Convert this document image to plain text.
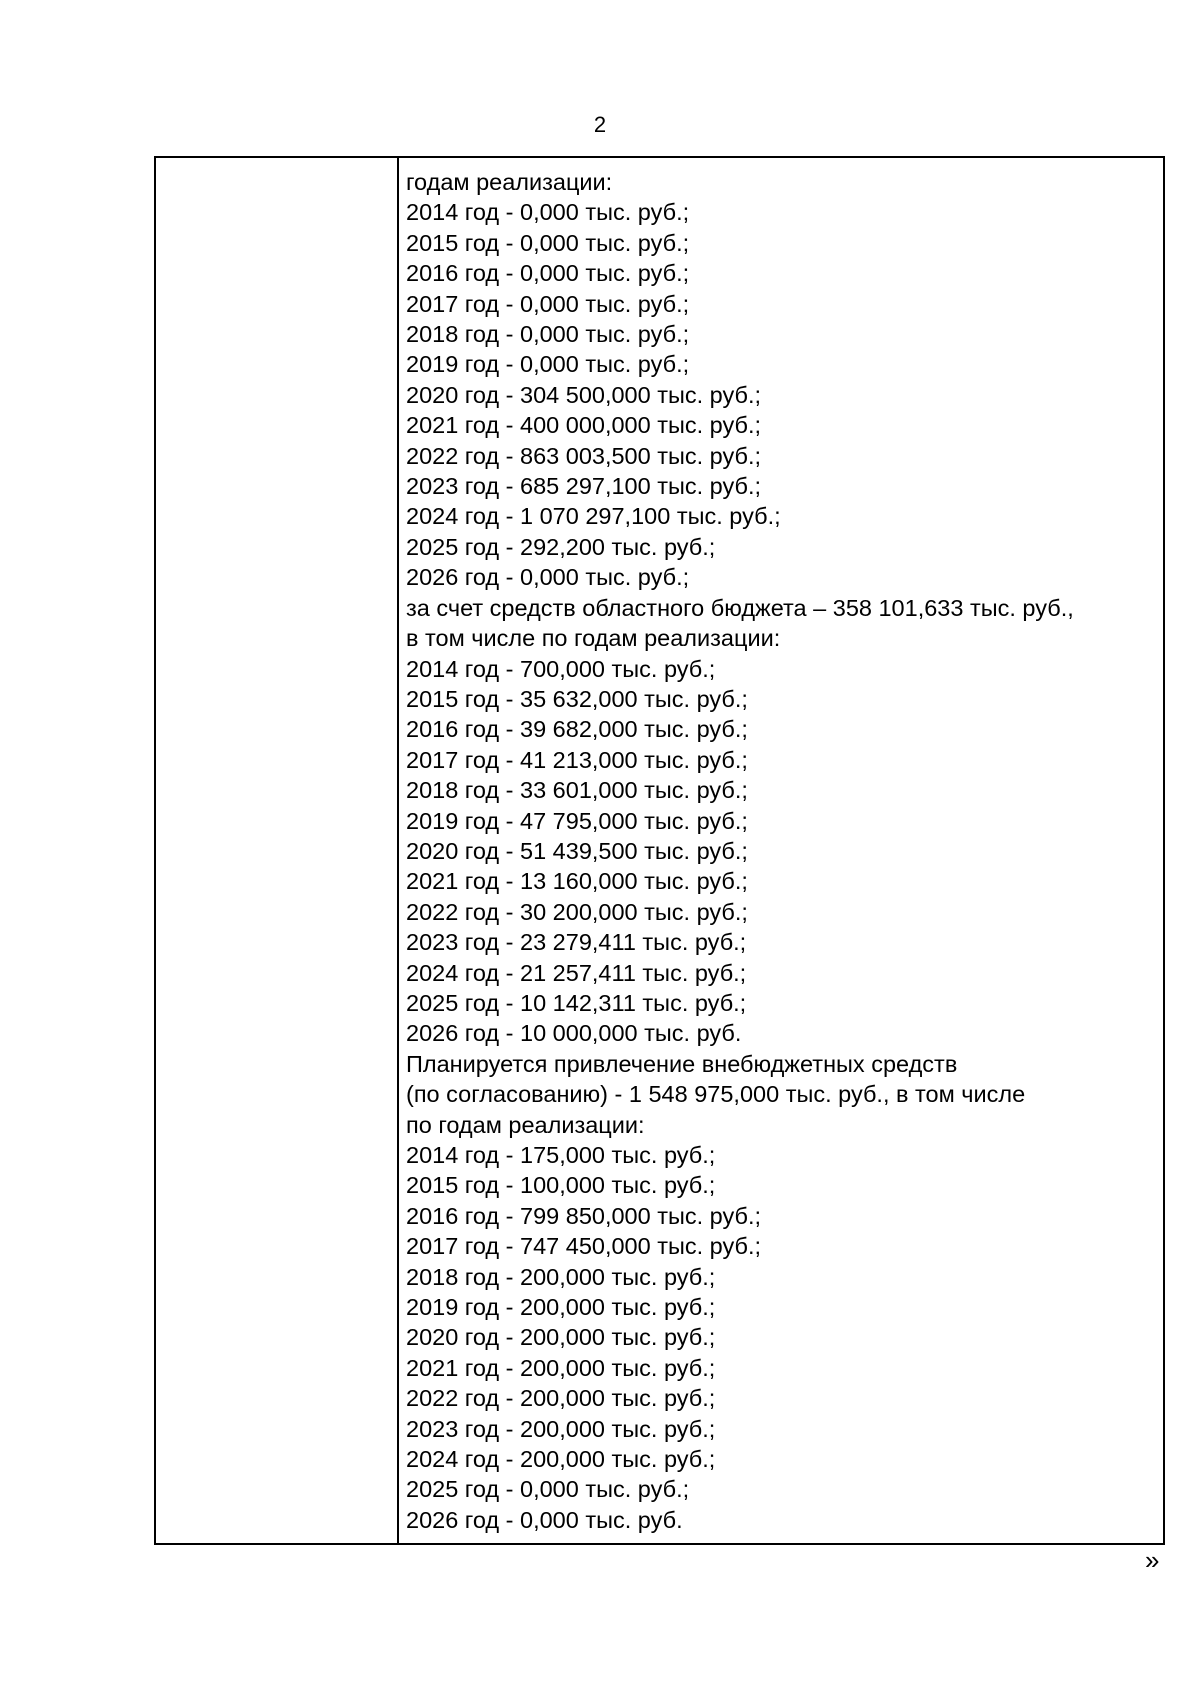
2
годам реализации:
2014 год - 0,000 тыс. руб.;
2015 год - 0,000 тыс. руб.;
2016 год - 0,000 тыс. руб.;
2017 год - 0,000 тыс. руб.;
2018 год - 0,000 тыс. руб.;
2019 год - 0,000 тыс. руб.;
2020 год - 304 500,000 тыс. руб.;
2021 год - 400 000,000 тыс. руб.;
2022 год - 863 003,500 тыс. руб.;
2023 год - 685 297,100 тыс. руб.;
2024 год - 1 070 297,100 тыс. руб.;
2025 год - 292,200 тыс. руб.;
2026 год - 0,000 тыс. руб.;
за счет средств областного бюджета – 358 101,633 тыс. руб.,
в том числе по годам реализации:
2014 год - 700,000 тыс. руб.;
2015 год - 35 632,000 тыс. руб.;
2016 год - 39 682,000 тыс. руб.;
2017 год - 41 213,000 тыс. руб.;
2018 год - 33 601,000 тыс. руб.;
2019 год - 47 795,000 тыс. руб.;
2020 год - 51 439,500 тыс. руб.;
2021 год - 13 160,000 тыс. руб.;
2022 год - 30 200,000 тыс. руб.;
2023 год - 23 279,411 тыс. руб.;
2024 год - 21 257,411 тыс. руб.;
2025 год - 10 142,311 тыс. руб.;
2026 год - 10 000,000 тыс. руб.
Планируется привлечение внебюджетных средств
(по согласованию) - 1 548 975,000 тыс. руб., в том числе
по годам реализации:
2014 год - 175,000 тыс. руб.;
2015 год - 100,000 тыс. руб.;
2016 год - 799 850,000 тыс. руб.;
2017 год - 747 450,000 тыс. руб.;
2018 год - 200,000 тыс. руб.;
2019 год - 200,000 тыс. руб.;
2020 год - 200,000 тыс. руб.;
2021 год - 200,000 тыс. руб.;
2022 год - 200,000 тыс. руб.;
2023 год - 200,000 тыс. руб.;
2024 год - 200,000 тыс. руб.;
2025 год - 0,000 тыс. руб.;
2026 год - 0,000 тыс. руб.
»
